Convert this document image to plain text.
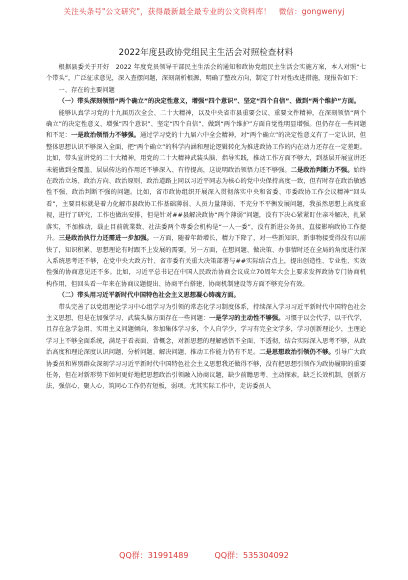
关注头条号"公文研究"，获得最新最全最专业的公文资料库！　微信：gongwenyj
2022年度县政协党组民主生活会对照检查材料

根据县委关于开好　2022 年度党员领导干部民主生活会的通知和政协党组民主生活会实施方案，本人对照“七个带头”，广泛征求意见，深入查摆问题，深刻剖析根源，明确了整改方向，制定了针对性改进措施，现报告如下：

一、存在的主要问题

（一）带头深刻领悟“两个确立”的决定性意义，增强“四个意识”、坚定“四个自信”、做到“两个维护”方面。

能够认真学习党的十九届历次全会、二十大精神，以及中央省市县重要会议、重要文件精神，在深刻领悟“两个确立”的决定性意义、增强“四个意识”、坚定“四个自信”、做到“两个维护”方面自觉性明显增强。但仍存在一些问题和不足：一是政治领悟力不够强。通过学习党的十九届六中全会精神，对“两个确立”的决定性意义有了一定认识，但整体思想认识不够深入全面，把“两个确立”的科学内涵和理论逻辑转化为推进政协工作的内在动力还存在一定差距。比如，带头宣讲党的二十大精神，用党的二十大精神武装头脑、指导实践，推动工作方面不够大，到基层开展宣讲还未能做到全覆盖、层层传达的作用还不够深入、有待提高，这说明政治领悟力还不够强。二是政治判断力不强。始终在政治立场、政治方向、政治原则、政治道路上同以习近平同志为核心的党中央保持高度一致，但有时存在政治敏感性不强、政治判断不强的问题。比如，省市政协组织开展深入贯彻落实中央和省委、市委政协工作会议精神“回头看”，主要目标就是着力化解市县政协工作基础薄弱、人员力量薄弱、不充分不平衡发展问题，我虽然思想上高度重视，进行了研究，工作也做出安排，但是针对##县解决政协“两个薄弱”问题，没有下决心紧紧盯住亲자解决，扎紧落实，不加推动，载止目前就業数、社法委两个專委会机构是“一人一委”，没有新进公务员，直接影响政协工作提升。三是政治执行力还需进一步加强。一方面，随着年龄增长，精力下降了，对一些新知识、新事物接受得没有以前快了，知识积累、思想理论有时跟不上发展的需要，另一方面，在想问题、做决策、办事情时还在全局的角度进行深入系统思考还不够，在党中央大政方针、省市委有关重大决策部署与##实际结合点上，提出创造性、专业性、实效性强的协商意见还不多。比如，习近平总书记在中国人民政治协商会议成立70周年大会上要求发挥政协专门协商机构作用，但回头看一年来在协商议题提出、协商平台搭建、协商机制建设等方面不够充分有效。

（二）带头用习近平新时代中国特色社会主义思想凝心铸魂方面。

带头完善了以党组理论学习中心组学习为引领的常态化学习制度体系，持续深入学习习近平新时代中国特色社会主义思想，但是在加强学习、武装头脑方面存在一些问题：一是学习的主动性不够强。习惯于以会代学，以干代学，且存在急学急用、实用主义问题倾向，参加集体学习多，个人自学少，学习有完全文学多，学习创新理论少，主理论学习上不够全面系统，满足于看表面、背概念，对新思想的理解感悟不全面、不透彻，结合实际深入思考不够，从政治高度和理论深度认识问题、分析问题、解决问题、推动工作能力仍有不足。二是思想政治引领仍不够。引导广大政协委员和界别群众深刻学习习近平新时代中国特色社会主义思想我还做得不够，没有把思想引领作为政协履职的重要任务，但在对新形势下如何更好地把思想政治引领融入协商议题，缺少前瞻思考、主动探索，缺乏长效机制，创新方法，强信心、聚人心、筑同心工作仍有短板，弱项。尤其实际工作中，走访委员人

QQ群：31991489	QQ群：535304092
